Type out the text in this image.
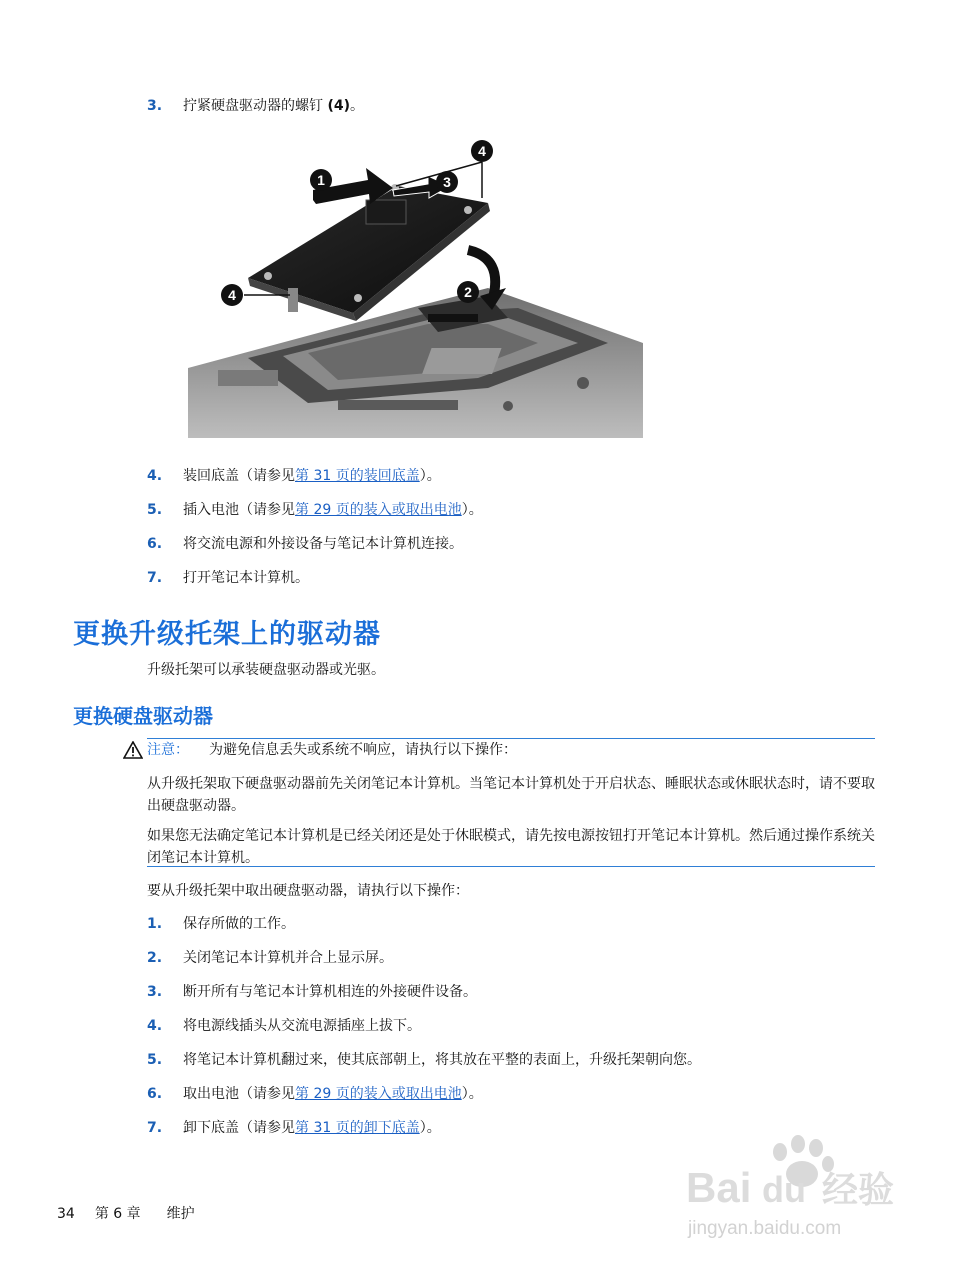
3. 拧紧硬盘驱动器的螺钉 (4)。
1
2
3
4
4
4. 装回底盖（请参见第 31 页的装回底盖）。
5. 插入电池（请参见第 29 页的装入或取出电池）。
6. 将交流电源和外接设备与笔记本计算机连接。
7. 打开笔记本计算机。
更换升级托架上的驱动器
升级托架可以承装硬盘驱动器或光驱。
更换硬盘驱动器
注意： 为避免信息丢失或系统不响应，请执行以下操作：
从升级托架取下硬盘驱动器前先关闭笔记本计算机。当笔记本计算机处于开启状态、睡眠状态或休眠状态时，请不要取出硬盘驱动器。
如果您无法确定笔记本计算机是已经关闭还是处于休眠模式，请先按电源按钮打开笔记本计算机。然后通过操作系统关闭笔记本计算机。
要从升级托架中取出硬盘驱动器，请执行以下操作：
1. 保存所做的工作。
2. 关闭笔记本计算机并合上显示屏。
3. 断开所有与笔记本计算机相连的外接硬件设备。
4. 将电源线插头从交流电源插座上拔下。
5. 将笔记本计算机翻过来，使其底部朝上，将其放在平整的表面上，升级托架朝向您。
6. 取出电池（请参见第 29 页的装入或取出电池）。
7. 卸下底盖（请参见第 31 页的卸下底盖）。
34 第 6 章 维护
Bai du 经验
jingyan.baidu.com
